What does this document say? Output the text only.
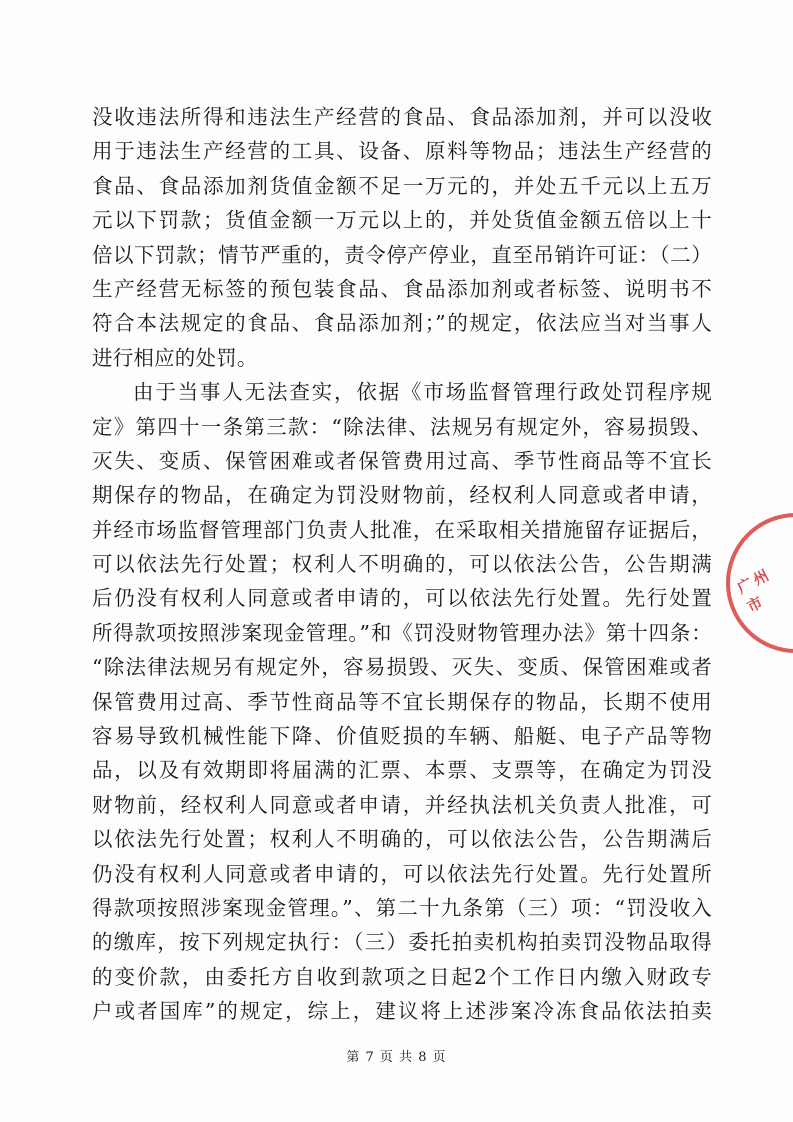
没收违法所得和违法生产经营的食品、食品添加剂，并可以没收
用于违法生产经营的工具、设备、原料等物品；违法生产经营的
食品、食品添加剂货值金额不足一万元的，并处五千元以上五万
元以下罚款；货值金额一万元以上的，并处货值金额五倍以上十
倍以下罚款；情节严重的，责令停产停业，直至吊销许可证：（二）
生产经营无标签的预包装食品、食品添加剂或者标签、说明书不
符合本法规定的食品、食品添加剂；”的规定，依法应当对当事人
进行相应的处罚。
由于当事人无法查实，依据《市场监督管理行政处罚程序规
定》第四十一条第三款：“除法律、法规另有规定外，容易损毁、
灭失、变质、保管困难或者保管费用过高、季节性商品等不宜长
期保存的物品，在确定为罚没财物前，经权利人同意或者申请，
并经市场监督管理部门负责人批准，在采取相关措施留存证据后，
可以依法先行处置；权利人不明确的，可以依法公告，公告期满
后仍没有权利人同意或者申请的，可以依法先行处置。先行处置
所得款项按照涉案现金管理。”和《罚没财物管理办法》第十四条：
“除法律法规另有规定外，容易损毁、灭失、变质、保管困难或者
保管费用过高、季节性商品等不宜长期保存的物品，长期不使用
容易导致机械性能下降、价值贬损的车辆、船艇、电子产品等物
品，以及有效期即将届满的汇票、本票、支票等，在确定为罚没
财物前，经权利人同意或者申请，并经执法机关负责人批准，可
以依法先行处置；权利人不明确的，可以依法公告，公告期满后
仍没有权利人同意或者申请的，可以依法先行处置。先行处置所
得款项按照涉案现金管理。”、第二十九条第（三）项：“罚没收入
的缴库，按下列规定执行：（三）委托拍卖机构拍卖罚没物品取得
的变价款，由委托方自收到款项之日起2个工作日内缴入财政专
户或者国库”的规定，综上，建议将上述涉案冷冻食品依法拍卖
广州市
第 7 页 共 8 页
